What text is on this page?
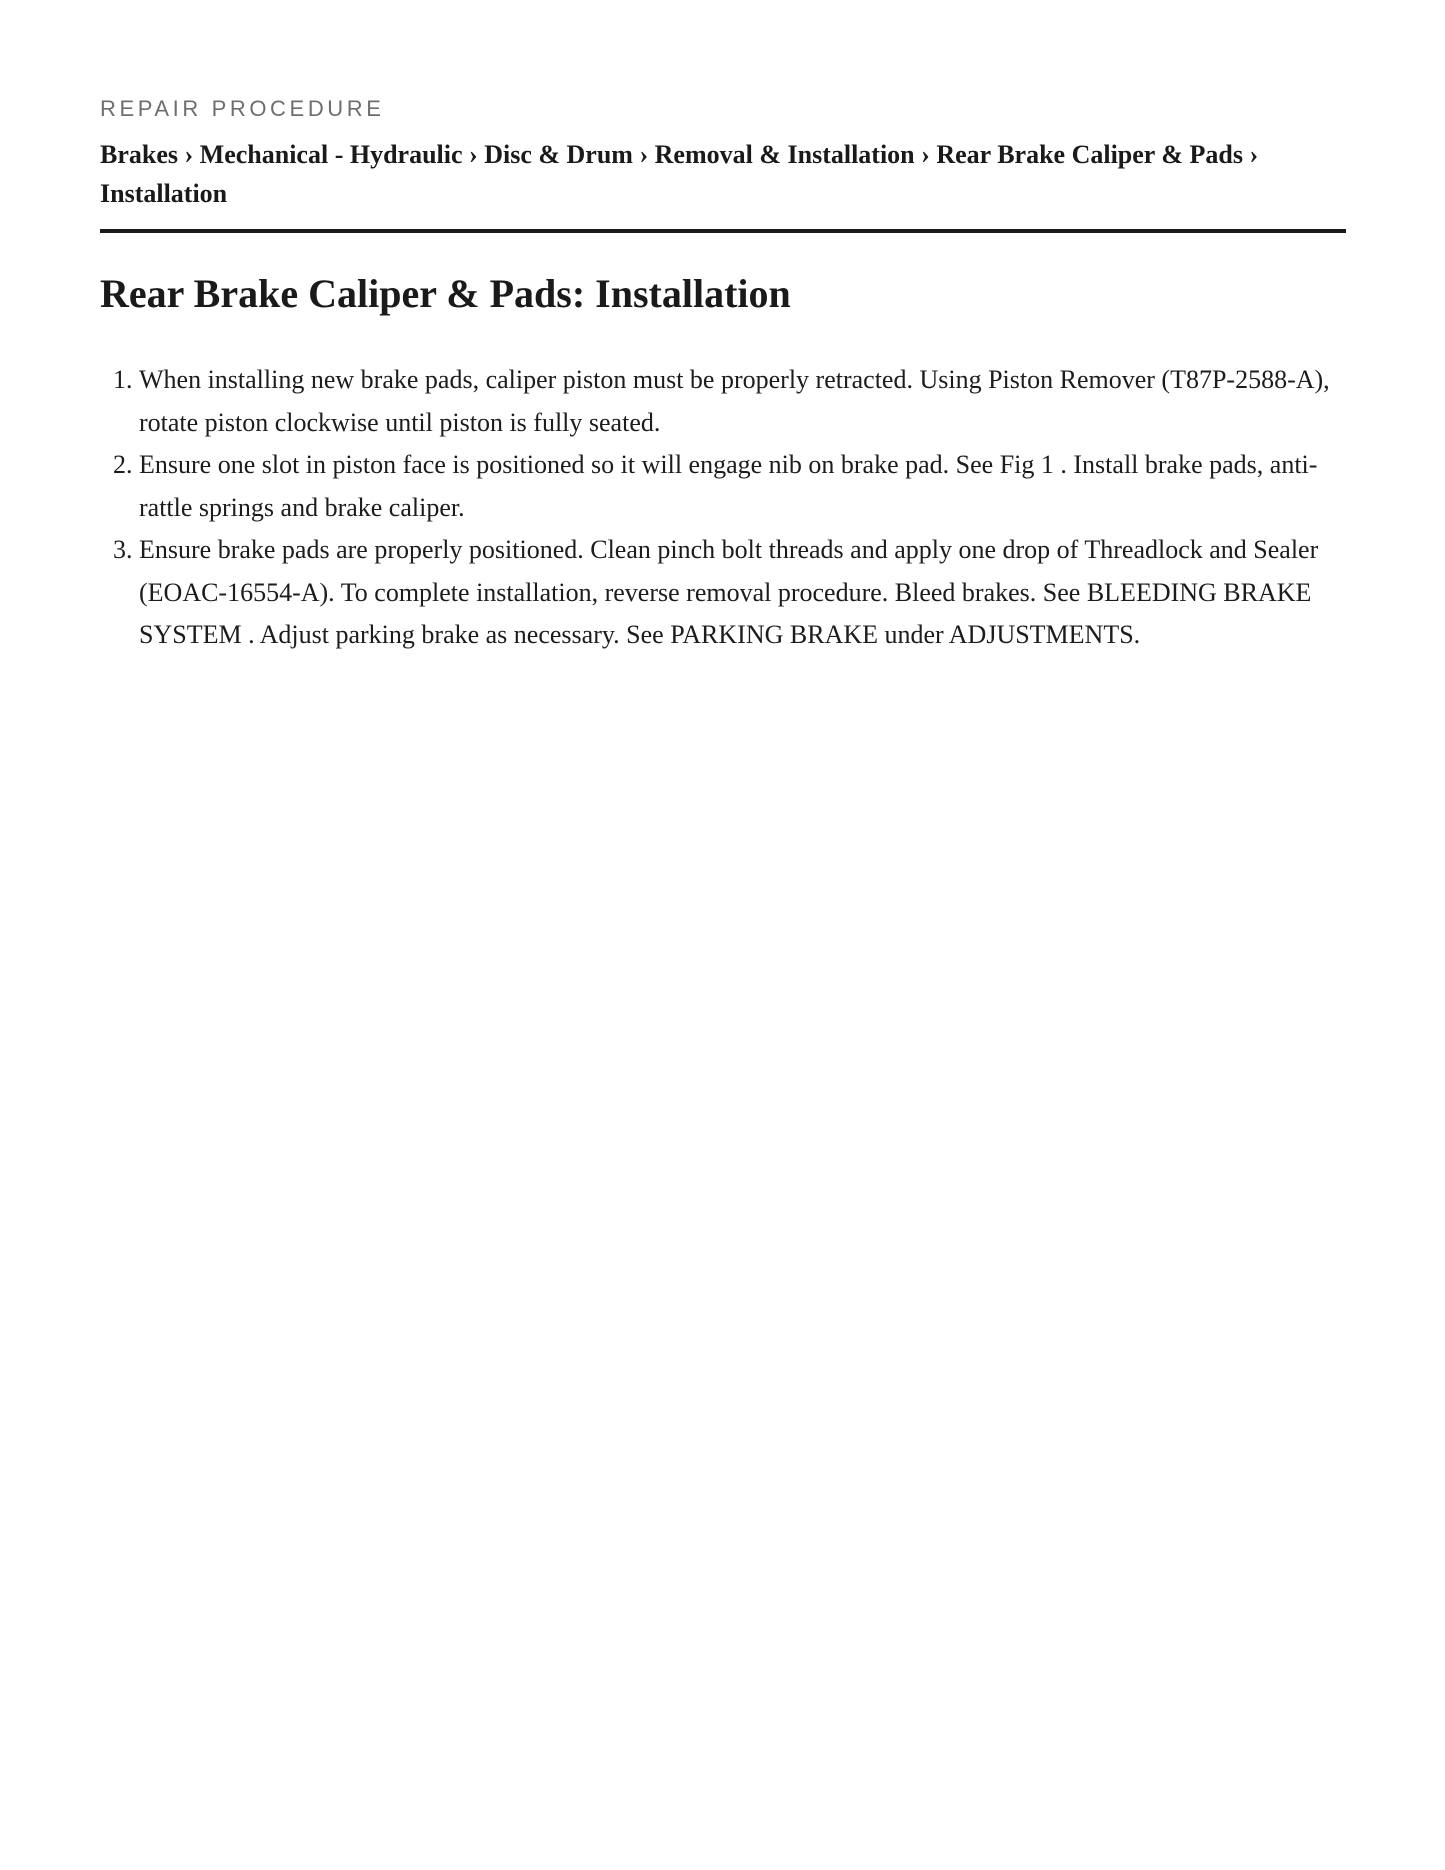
REPAIR PROCEDURE
Brakes › Mechanical - Hydraulic › Disc & Drum › Removal & Installation › Rear Brake Caliper & Pads › Installation
Rear Brake Caliper & Pads: Installation
1. When installing new brake pads, caliper piston must be properly retracted. Using Piston Remover (T87P-2588-A), rotate piston clockwise until piston is fully seated.
2. Ensure one slot in piston face is positioned so it will engage nib on brake pad. See Fig 1 . Install brake pads, anti-rattle springs and brake caliper.
3. Ensure brake pads are properly positioned. Clean pinch bolt threads and apply one drop of Threadlock and Sealer (EOAC-16554-A). To complete installation, reverse removal procedure. Bleed brakes. See BLEEDING BRAKE SYSTEM . Adjust parking brake as necessary. See PARKING BRAKE under ADJUSTMENTS.
